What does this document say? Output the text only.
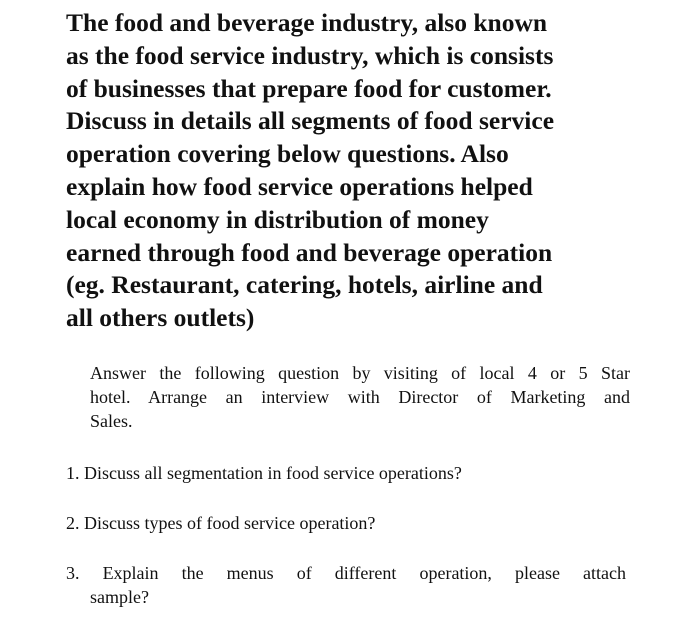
The food and beverage industry, also known
as the food service industry, which is consists
of businesses that prepare food for customer.
Discuss in details all segments of food service
operation covering below questions. Also
explain how food service operations helped
local economy in distribution of money
earned through food and beverage operation
(eg. Restaurant, catering, hotels, airline and
all others outlets)
Answer the following question by visiting of local 4 or 5 Star
hotel. Arrange an interview with Director of Marketing and
Sales.
1. Discuss all segmentation in food service operations?
2. Discuss types of food service operation?
3. Explain the menus of different operation, please attach
sample?
